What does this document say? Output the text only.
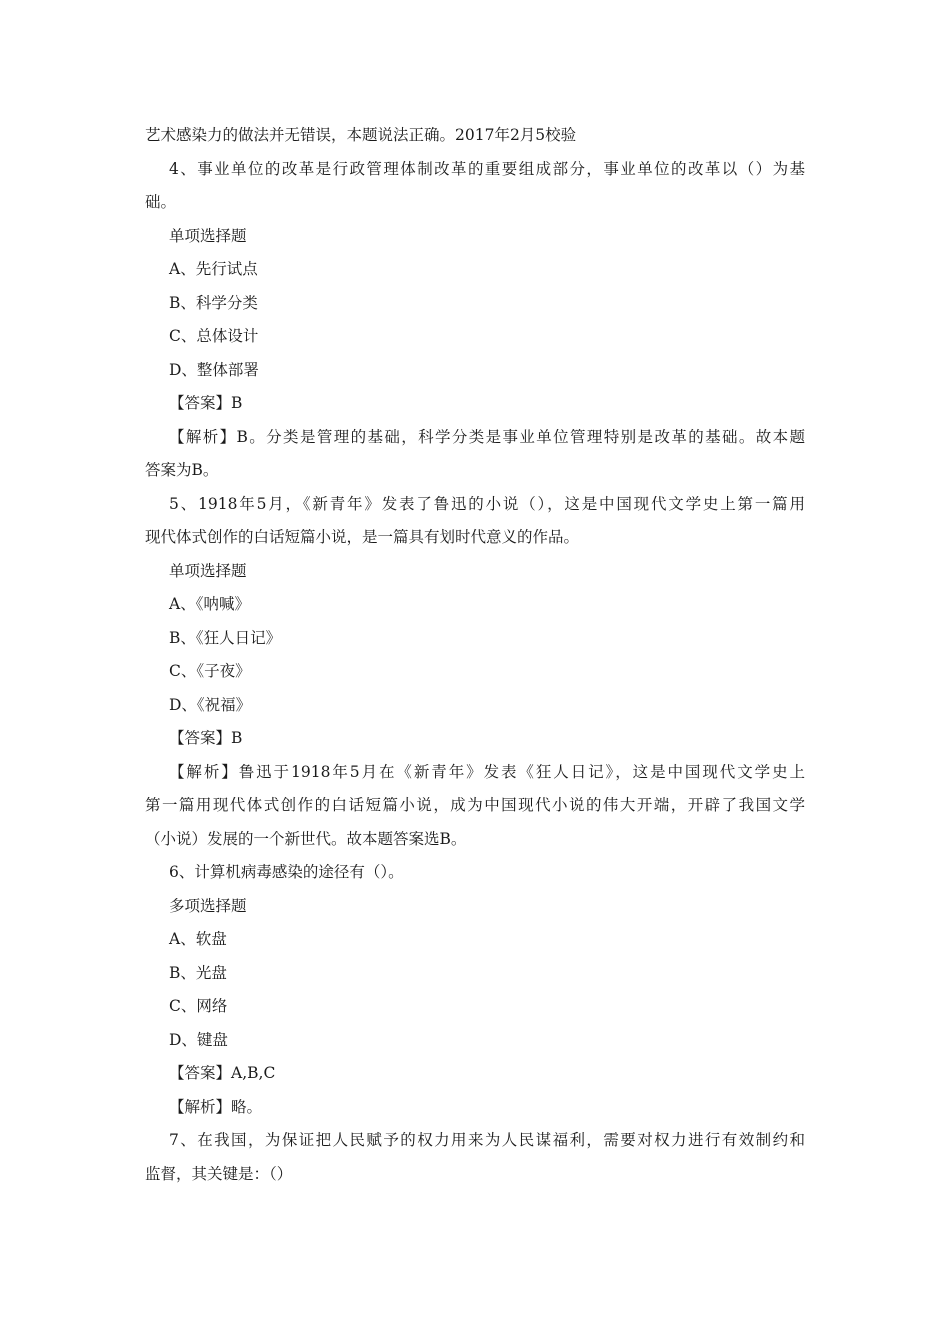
艺术感染力的做法并无错误，本题说法正确。2017年2月5校验
4、事业单位的改革是行政管理体制改革的重要组成部分，事业单位的改革以（）为基
础。
单项选择题
A、先行试点
B、科学分类
C、总体设计
D、整体部署
【答案】B
【解析】B。分类是管理的基础，科学分类是事业单位管理特别是改革的基础。故本题
答案为B。
5、1918年5月，《新青年》发表了鲁迅的小说（），这是中国现代文学史上第一篇用
现代体式创作的白话短篇小说，是一篇具有划时代意义的作品。
单项选择题
A、《呐喊》
B、《狂人日记》
C、《子夜》
D、《祝福》
【答案】B
【解析】鲁迅于1918年5月在《新青年》发表《狂人日记》，这是中国现代文学史上
第一篇用现代体式创作的白话短篇小说，成为中国现代小说的伟大开端，开辟了我国文学
（小说）发展的一个新世代。故本题答案选B。
6、计算机病毒感染的途径有（）。
多项选择题
A、软盘
B、光盘
C、网络
D、键盘
【答案】A,B,C
【解析】略。
7、在我国，为保证把人民赋予的权力用来为人民谋福利，需要对权力进行有效制约和
监督，其关键是：（）
